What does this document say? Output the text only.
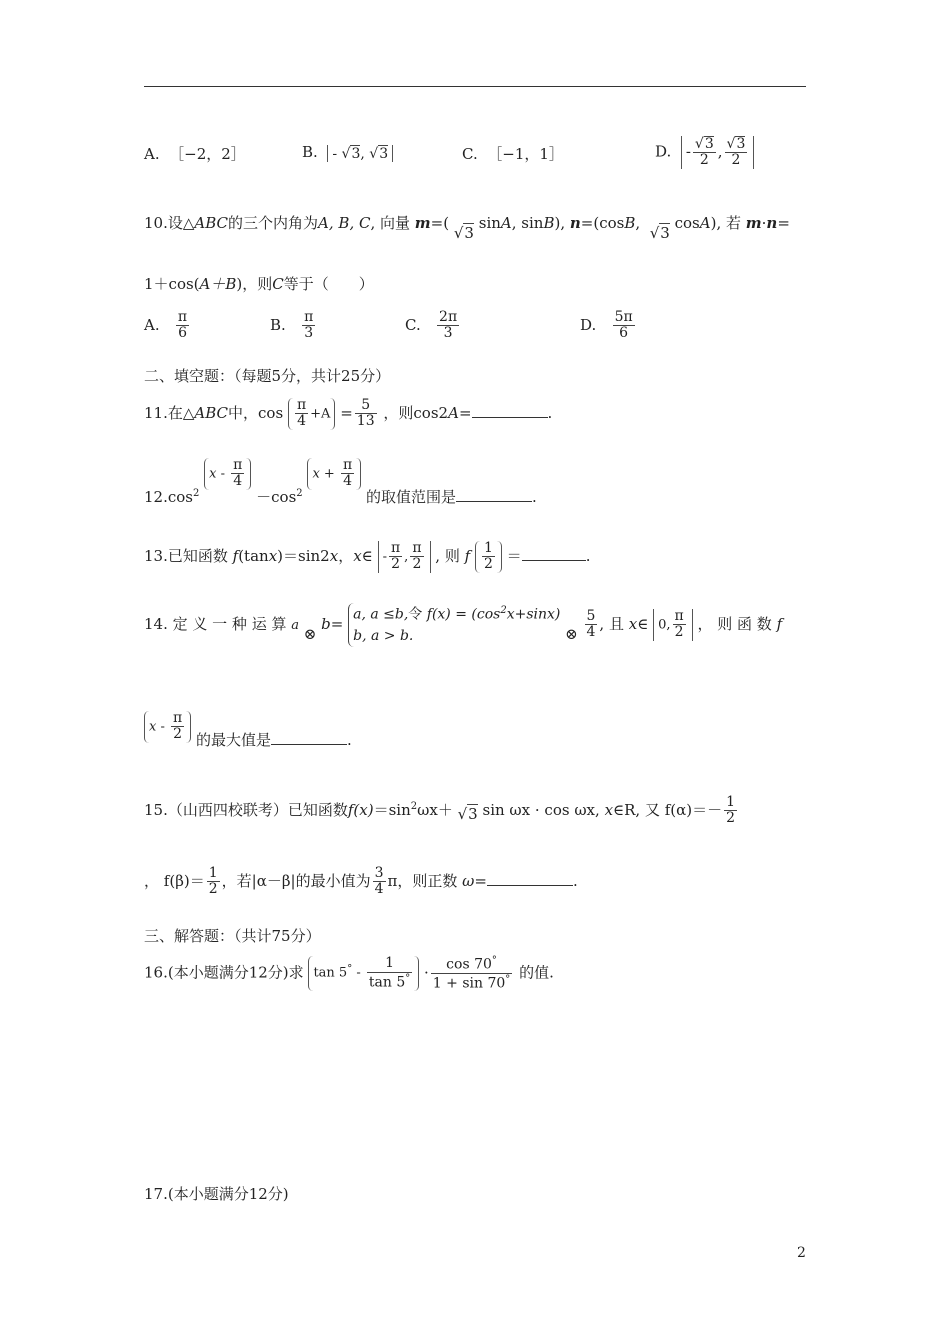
A. ［−2，2］	B.  - √3, √3	C. ［−1，1］	D.  - $\frac{√3}{2}$ , $\frac{√3}{2}$
10.设△ABC的三个内角为A, B, C, 向量 m=( √3 sinA, sinB), n=(cosB,  √3 cosA), 若 m·n=
1＋cos(A＋B)，则C等于（　　）
A. $\frac{\pi}{6}$	B. $\frac{\pi}{3}$	C. $\frac{2\pi}{3}$	D. $\frac{5\pi}{6}$
二、填空题：（每题5分，共计25分）
11.在△ABC中，$\cos \frac{\pi}{4} +A = \frac{5}{13}$ ，则cos2A=	.
$12.\cos^2$ x - $\frac{\pi}{4}$
$-\cos^2$ $x + \frac{\pi}{4}$
的取值范围是	.
13.已知函数 f(tanx)＝sin2x，x∈ - $\frac{\pi}{2}$ , $\frac{\pi}{2}$ , 则 f $\frac{1}{2}$ ＝	.
14. 定 义 一 种 运 算 a ⊗ b=
a, a ≤b,令 $f(x) = (\cos^2x+\sin x)$
b, a > b.	⊗ $\frac{5}{4}$ , 且 x∈ 0, $\frac{\pi}{2}$ ， 则 函 数 f
x - $\frac{\pi}{2}$ 的最大值是	.
15.（山西四校联考）已知函数$f(x)=\sin^2\omega x+ √3$ sin ωx · cos ωx, x∈R, 又 $f(\alpha)=- \frac{1}{2}$
， $f(\beta)= \frac{1}{2}$ ，若|α－β|的最小值为 $\frac{3}{4}$ π，则正数 ω=	.
三、解答题：（共计75分）
16.(本小题满分12分)求 $\tan 5^\circ - \frac{1}{\tan 5^\circ} \cdot \frac{\cos 70^\circ}{1 + \sin 70^\circ}$ 的值.
17.(本小题满分12分)
2
